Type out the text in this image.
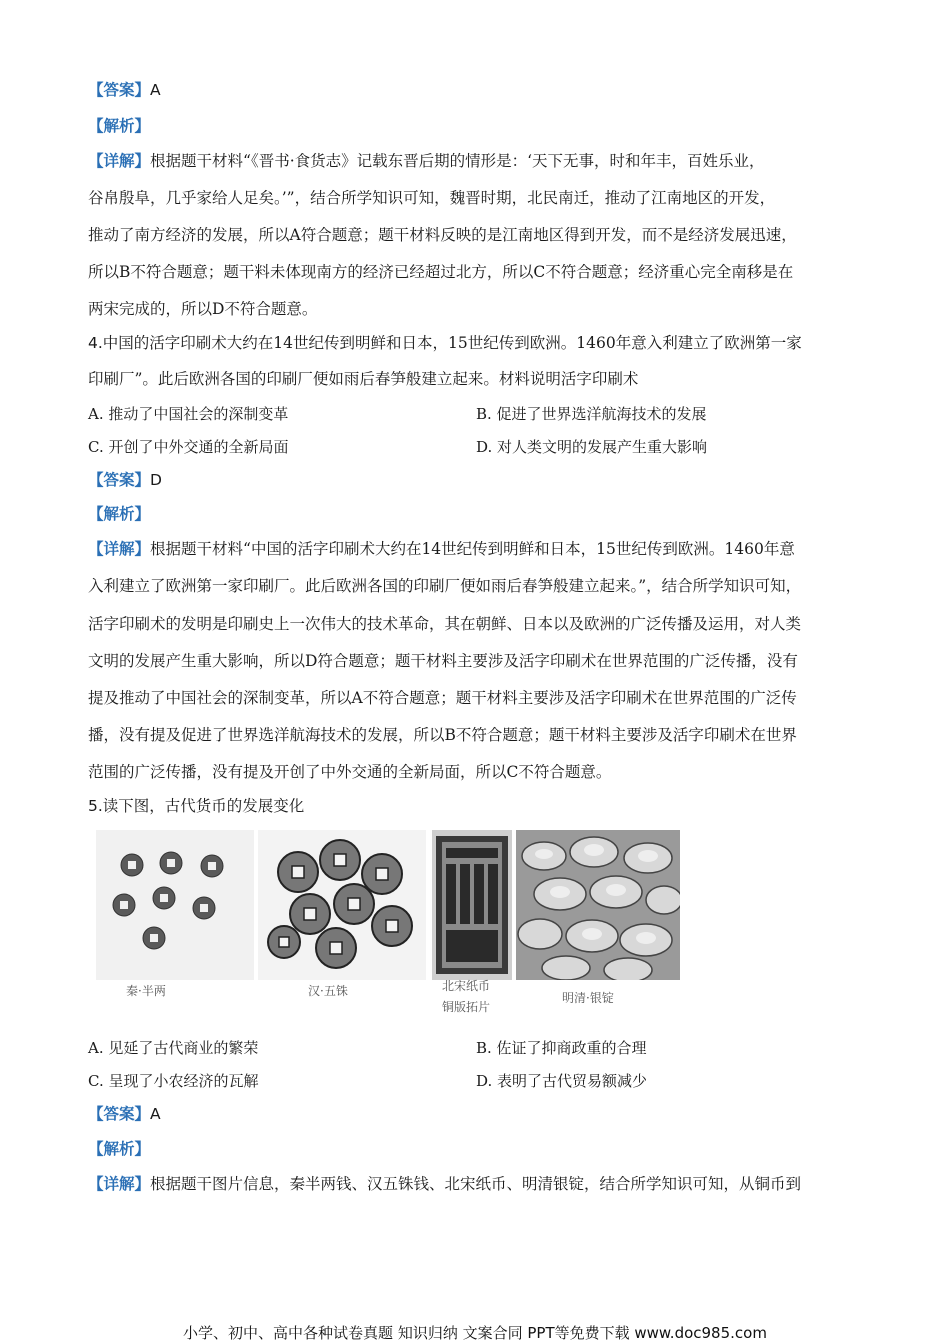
【答案】A
【解析】
【详解】根据题干材料“《晋书·食货志》记载东晋后期的情形是：‘天下无事，时和年丰，百姓乐业，
谷帛殷阜，几乎家给人足矣。’”，结合所学知识可知，魏晋时期，北民南迁，推动了江南地区的开发，
推动了南方经济的发展，所以A符合题意；题干材料反映的是江南地区得到开发，而不是经济发展迅速，
所以B不符合题意；题干料未体现南方的经济已经超过北方，所以C不符合题意；经济重心完全南移是在
两宋完成的，所以D不符合题意。
4.中国的活字印刷术大约在14世纪传到明鲜和日本，15世纪传到欧洲。1460年意入利建立了欧洲第一家
印刷厂”。此后欧洲各国的印刷厂便如雨后春笋般建立起来。材料说明活字印刷术
A. 推动了中国社会的深制变革	B. 促进了世界选洋航海技术的发展
C. 开创了中外交通的全新局面	D. 对人类文明的发展产生重大影响
【答案】D
【解析】
【详解】根据题干材料“中国的活字印刷术大约在14世纪传到明鲜和日本，15世纪传到欧洲。1460年意
入利建立了欧洲第一家印刷厂。此后欧洲各国的印刷厂便如雨后春笋般建立起来。”，结合所学知识可知，
活字印刷术的发明是印刷史上一次伟大的技术革命，其在朝鲜、日本以及欧洲的广泛传播及运用，对人类
文明的发展产生重大影响，所以D符合题意；题干材料主要涉及活字印刷术在世界范围的广泛传播，没有
提及推动了中国社会的深制变革，所以A不符合题意；题干材料主要涉及活字印刷术在世界范围的广泛传
播，没有提及促进了世界选洋航海技术的发展，所以B不符合题意；题干材料主要涉及活字印刷术在世界
范围的广泛传播，没有提及开创了中外交通的全新局面，所以C不符合题意。
5.读下图，古代货币的发展变化
秦·半两	汉·五铢	北宋纸币
铜版拓片
明清·银锭
A. 见延了古代商业的繁荣	B. 佐证了抑商政重的合理
C. 呈现了小农经济的瓦解	D. 表明了古代贸易额减少
【答案】A
【解析】
【详解】根据题干图片信息，秦半两钱、汉五铢钱、北宋纸币、明清银锭，结合所学知识可知，从铜币到
小学、初中、高中各种试卷真题 知识归纳 文案合同 PPT等免费下载 www.doc985.com
